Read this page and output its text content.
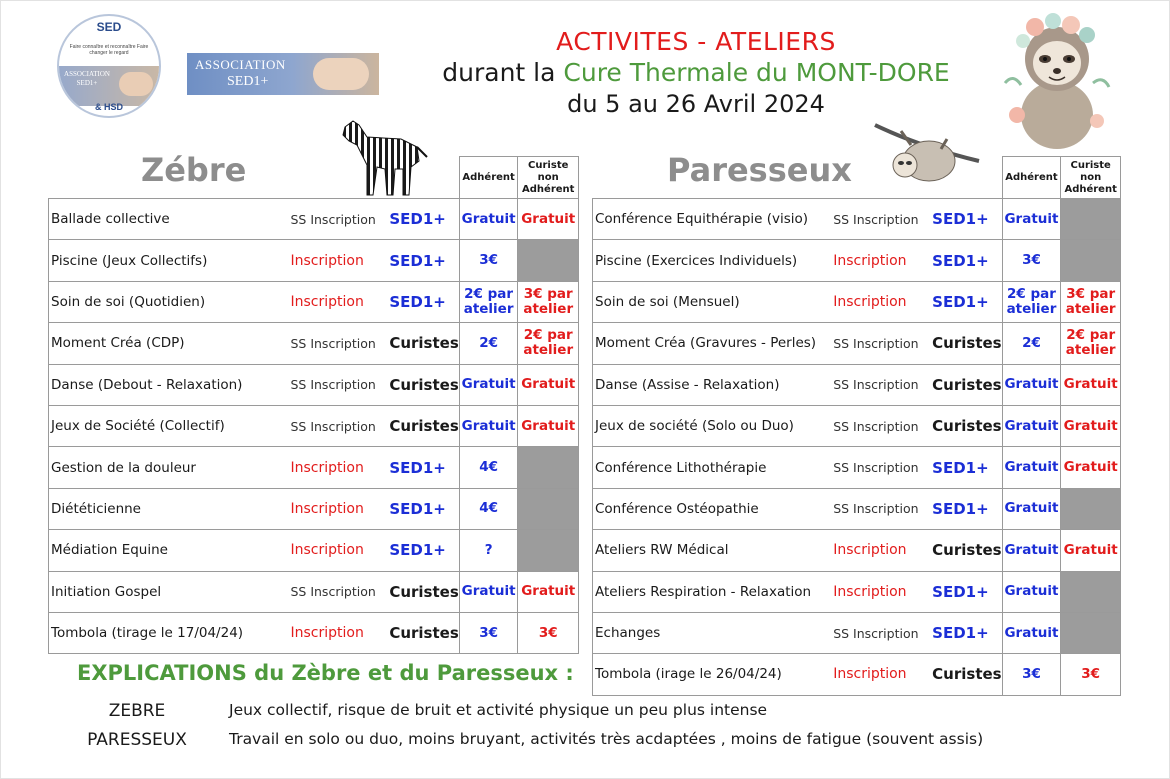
SED
Faire connaître et reconnaître Faire changer le regard
ASSOCIATION SED1+
& HSD
ASSOCIATION
SED1+
ACTIVITES - ATELIERS
durant la Cure Thermale du MONT-DORE
du 5 au 26 Avril 2024
Zébre	Paresseux
			Adhérent	Curiste non Adhérent
Ballade collective	SS Inscription	SED1+	Gratuit	Gratuit
Piscine (Jeux Collectifs)	Inscription	SED1+	3€	
Soin de soi (Quotidien)	Inscription	SED1+	2€ par atelier	3€ par atelier
Moment Créa (CDP)	SS Inscription	Curistes	2€	2€ par atelier
Danse (Debout - Relaxation)	SS Inscription	Curistes	Gratuit	Gratuit
Jeux de Société (Collectif)	SS Inscription	Curistes	Gratuit	Gratuit
Gestion de la douleur	Inscription	SED1+	4€	
Diététicienne	Inscription	SED1+	4€	
Médiation Equine	Inscription	SED1+	?	
Initiation Gospel	SS Inscription	Curistes	Gratuit	Gratuit
Tombola (tirage le 17/04/24)	Inscription	Curistes	3€	3€
			Adhérent	Curiste non Adhérent
Conférence Equithérapie (visio)	SS Inscription	SED1+	Gratuit	
Piscine (Exercices Individuels)	Inscription	SED1+	3€	
Soin de soi (Mensuel)	Inscription	SED1+	2€ par atelier	3€ par atelier
Moment Créa (Gravures - Perles)	SS Inscription	Curistes	2€	2€ par atelier
Danse (Assise - Relaxation)	SS Inscription	Curistes	Gratuit	Gratuit
Jeux de société (Solo ou Duo)	SS Inscription	Curistes	Gratuit	Gratuit
Conférence Lithothérapie	SS Inscription	SED1+	Gratuit	Gratuit
Conférence Ostéopathie	SS Inscription	SED1+	Gratuit	
Ateliers RW Médical	Inscription	Curistes	Gratuit	Gratuit
Ateliers Respiration - Relaxation	Inscription	SED1+	Gratuit	
Echanges	SS Inscription	SED1+	Gratuit	
Tombola (irage le 26/04/24)	Inscription	Curistes	3€	3€
EXPLICATIONS du Zèbre et du Paresseux :
ZEBRE	Jeux collectif, risque de bruit et activité physique un peu plus intense
PARESSEUX	Travail en solo ou duo, moins bruyant, activités très acdaptées , moins de fatigue (souvent assis)
